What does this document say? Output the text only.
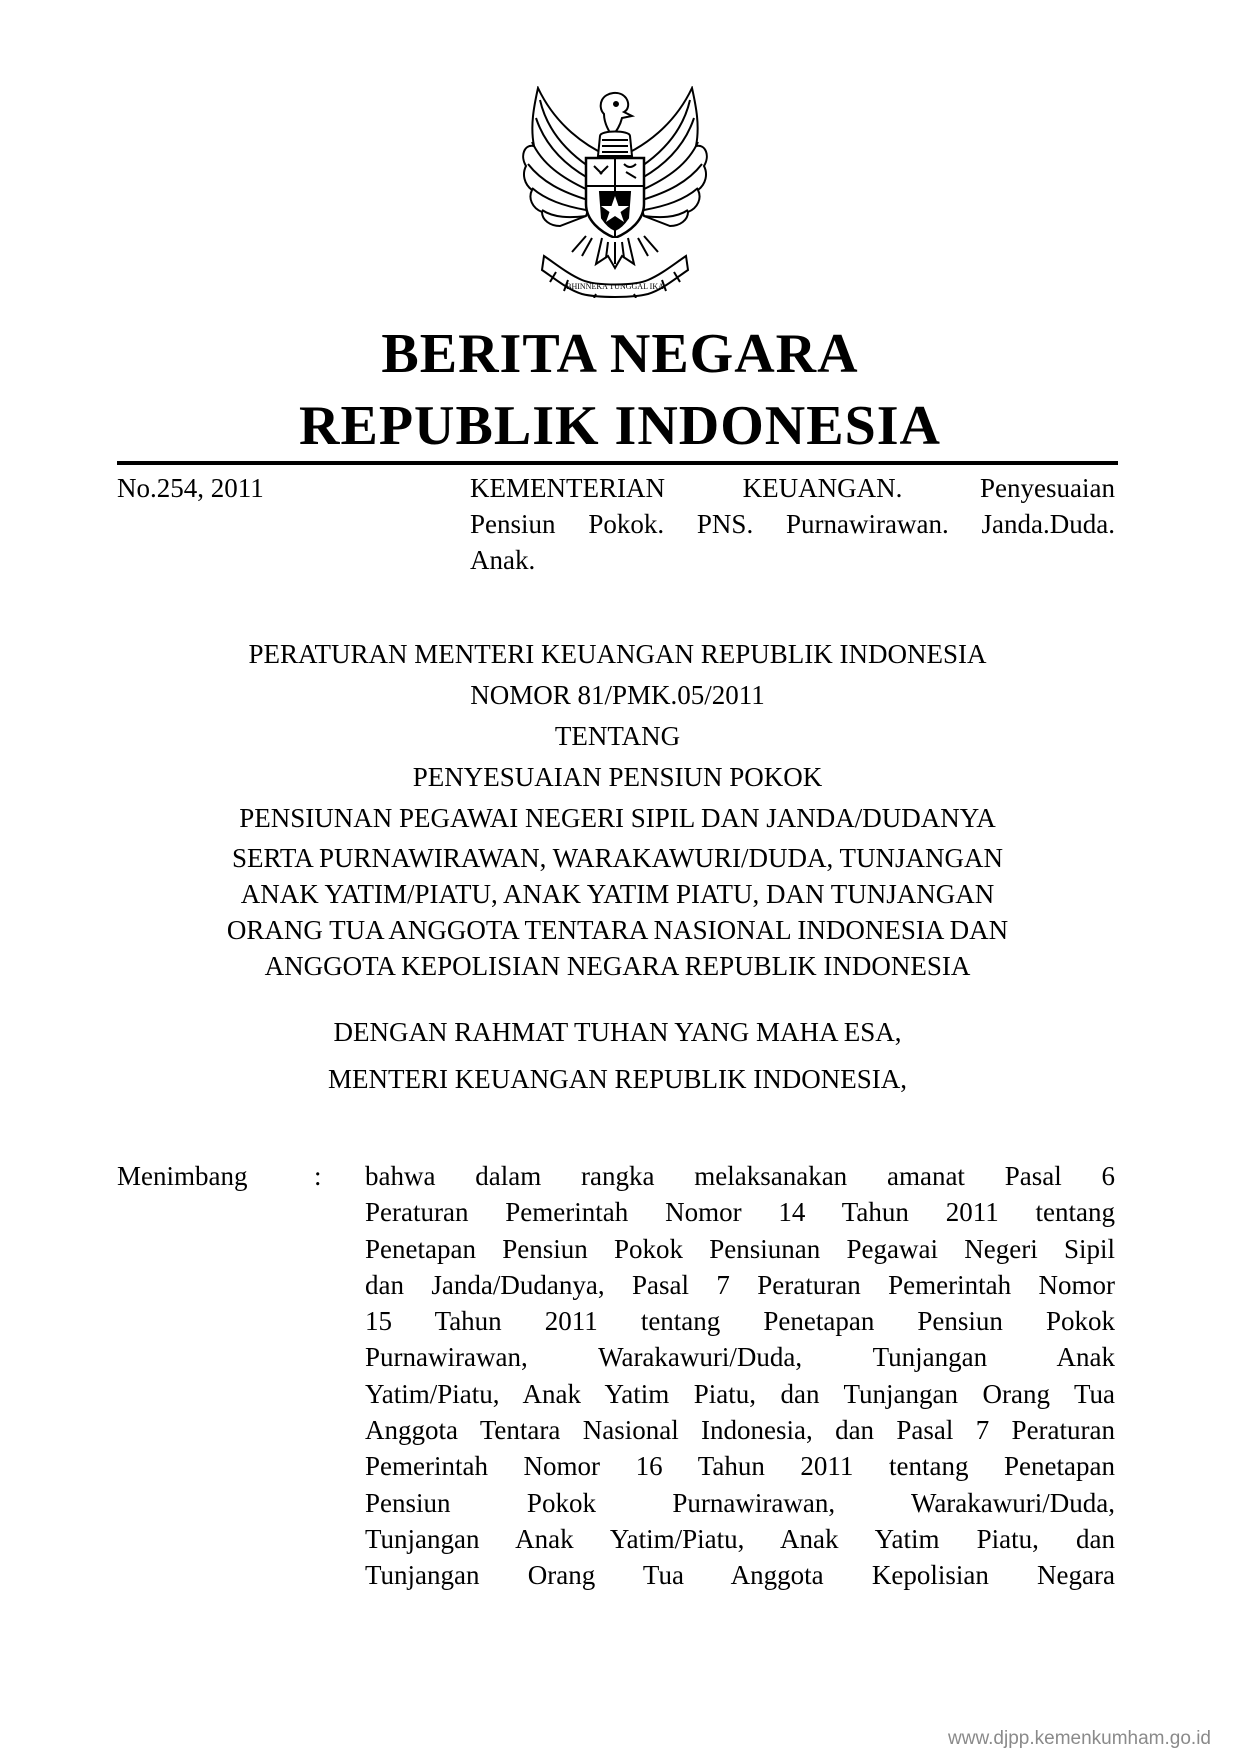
BHINNEKA TUNGGAL IKA
BERITA NEGARA
REPUBLIK INDONESIA
No.254, 2011	KEMENTERIAN KEUANGAN. Penyesuaian
Pensiun Pokok. PNS. Purnawirawan. Janda.Duda.
Anak.
PERATURAN MENTERI KEUANGAN REPUBLIK INDONESIA
NOMOR 81/PMK.05/2011
TENTANG
PENYESUAIAN PENSIUN POKOK
PENSIUNAN PEGAWAI NEGERI SIPIL DAN JANDA/DUDANYA
SERTA PURNAWIRAWAN, WARAKAWURI/DUDA, TUNJANGAN
ANAK YATIM/PIATU, ANAK YATIM PIATU, DAN TUNJANGAN
ORANG TUA ANGGOTA TENTARA NASIONAL INDONESIA DAN
ANGGOTA KEPOLISIAN NEGARA REPUBLIK INDONESIA
DENGAN RAHMAT TUHAN YANG MAHA ESA,
MENTERI KEUANGAN REPUBLIK INDONESIA,
Menimbang : bahwa dalam rangka melaksanakan amanat Pasal 6
Peraturan Pemerintah Nomor 14 Tahun 2011 tentang
Penetapan Pensiun Pokok Pensiunan Pegawai Negeri Sipil
dan Janda/Dudanya, Pasal 7 Peraturan Pemerintah Nomor
15 Tahun 2011 tentang Penetapan Pensiun Pokok
Purnawirawan, Warakawuri/Duda, Tunjangan Anak
Yatim/Piatu, Anak Yatim Piatu, dan Tunjangan Orang Tua
Anggota Tentara Nasional Indonesia, dan Pasal 7 Peraturan
Pemerintah Nomor 16 Tahun 2011 tentang Penetapan
Pensiun Pokok Purnawirawan, Warakawuri/Duda,
Tunjangan Anak Yatim/Piatu, Anak Yatim Piatu, dan
Tunjangan Orang Tua Anggota Kepolisian Negara
www.djpp.kemenkumham.go.id
